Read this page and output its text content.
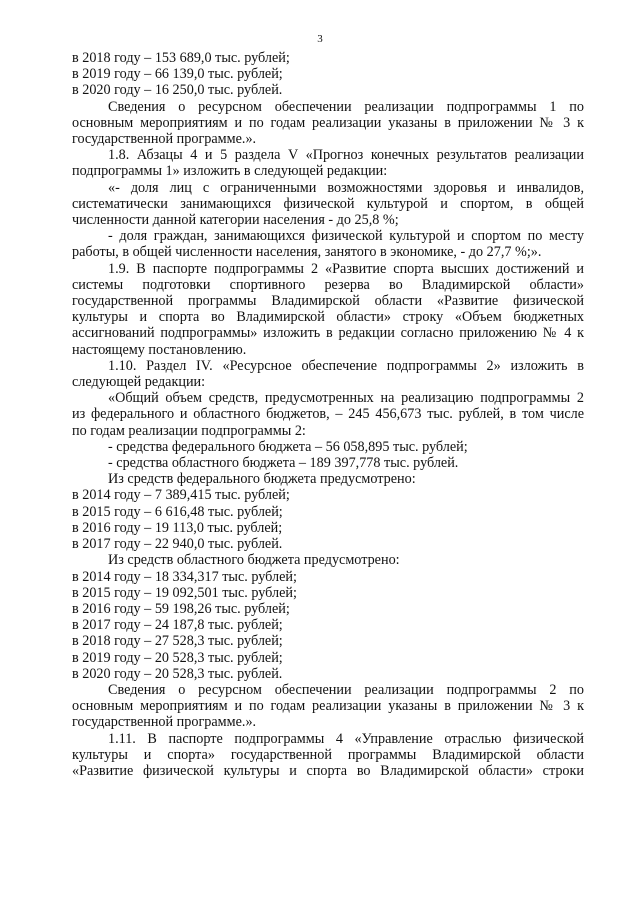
3
в 2018 году – 153 689,0 тыс. рублей;
в 2019 году – 66 139,0 тыс. рублей;
в 2020 году – 16 250,0 тыс. рублей.
Сведения о ресурсном обеспечении реализации подпрограммы 1 по
основным мероприятиям и по годам реализации указаны в приложении № 3 к
государственной программе.».
1.8. Абзацы 4 и 5 раздела V «Прогноз конечных результатов реализации
подпрограммы 1» изложить в следующей редакции:
«- доля лиц с ограниченными возможностями здоровья и инвалидов,
систематически занимающихся физической культурой и спортом, в общей
численности данной категории населения - до 25,8 %;
- доля граждан, занимающихся физической культурой и спортом по месту
работы, в общей численности населения, занятого в экономике, - до 27,7 %;».
1.9. В паспорте подпрограммы 2 «Развитие спорта высших достижений и
системы подготовки спортивного резерва во Владимирской области»
государственной программы Владимирской области «Развитие физической
культуры и спорта во Владимирской области» строку «Объем бюджетных
ассигнований подпрограммы» изложить в редакции согласно приложению № 4 к
настоящему постановлению.
1.10. Раздел IV. «Ресурсное обеспечение подпрограммы 2» изложить в
следующей редакции:
«Общий объем средств, предусмотренных на реализацию подпрограммы 2
из федерального и областного бюджетов, – 245 456,673 тыс. рублей, в том числе
по годам реализации подпрограммы 2:
- средства федерального бюджета – 56 058,895 тыс. рублей;
- средства областного бюджета – 189 397,778 тыс. рублей.
Из средств федерального бюджета предусмотрено:
в 2014 году – 7 389,415 тыс. рублей;
в 2015 году – 6 616,48 тыс. рублей;
в 2016 году – 19 113,0 тыс. рублей;
в 2017 году – 22 940,0 тыс. рублей.
Из средств областного бюджета предусмотрено:
в 2014 году – 18 334,317 тыс. рублей;
в 2015 году – 19 092,501 тыс. рублей;
в 2016 году – 59 198,26 тыс. рублей;
в 2017 году – 24 187,8 тыс. рублей;
в 2018 году – 27 528,3 тыс. рублей;
в 2019 году – 20 528,3 тыс. рублей;
в 2020 году – 20 528,3 тыс. рублей.
Сведения о ресурсном обеспечении реализации подпрограммы 2 по
основным мероприятиям и по годам реализации указаны в приложении № 3 к
государственной программе.».
1.11. В паспорте подпрограммы 4 «Управление отраслью физической
культуры и спорта» государственной программы Владимирской области
«Развитие физической культуры и спорта во Владимирской области» строки
